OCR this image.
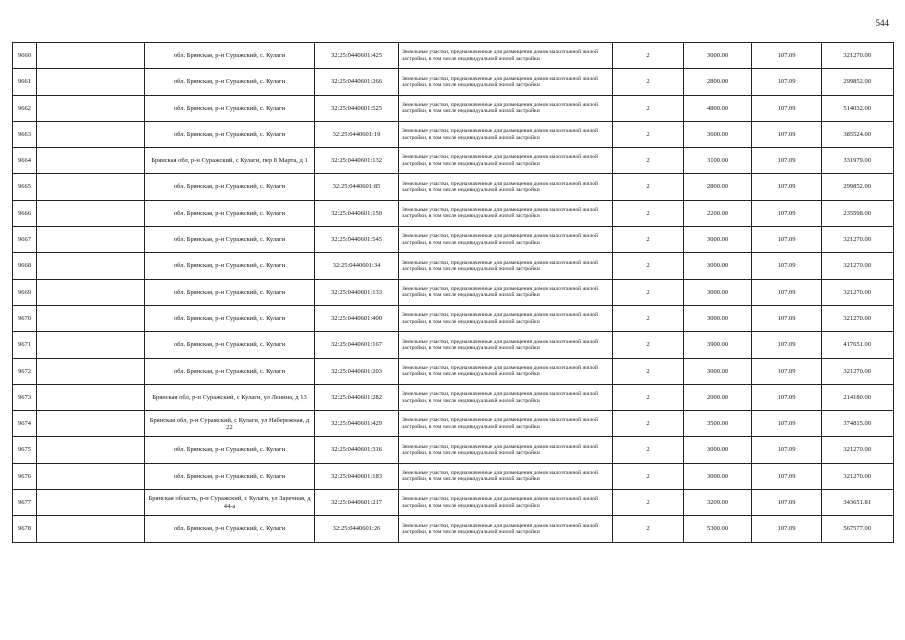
544
9660		обл. Брянская, р-н Суражский, с. Кулаги	32:25:0440601:425	Земельные участки, предназначенные для размещения домов малоэтажной жилой застройки, в том числе индивидуальной жилой застройки	2	3000.00	107.09	321270.00
9661		обл. Брянская, р-н Суражский, с. Кулаги	32:25:0440601:266	Земельные участки, предназначенные для размещения домов малоэтажной жилой застройки, в том числе индивидуальной жилой застройки	2	2800.00	107.09	299852.00
9662		обл. Брянская, р-н Суражский, с. Кулаги	32:25:0440601:525	Земельные участки, предназначенные для размещения домов малоэтажной жилой застройки, в том числе индивидуальной жилой застройки	2	4800.00	107.09	514032.00
9663		обл. Брянская, р-н Суражский, с. Кулаги	32:25:0440601:19	Земельные участки, предназначенные для размещения домов малоэтажной жилой застройки, в том числе индивидуальной жилой застройки	2	3600.00	107.09	385524.00
9664		Брянская обл, р-н Суражский, с Кулаги, пер 8 Марта, д 1	32:25:0440601:132	Земельные участки, предназначенные для размещения домов малоэтажной жилой застройки, в том числе индивидуальной жилой застройки	2	3100.00	107.09	331979.00
9665		обл. Брянская, р-н Суражский, с. Кулаги	32:25:0440601:85	Земельные участки, предназначенные для размещения домов малоэтажной жилой застройки, в том числе индивидуальной жилой застройки	2	2800.00	107.09	299852.00
9666		обл. Брянская, р-н Суражский, с. Кулаги	32:25:0440601:150	Земельные участки, предназначенные для размещения домов малоэтажной жилой застройки, в том числе индивидуальной жилой застройки	2	2200.00	107.09	235598.00
9667		обл. Брянская, р-н Суражский, с. Кулаги	32:25:0440601:545	Земельные участки, предназначенные для размещения домов малоэтажной жилой застройки, в том числе индивидуальной жилой застройки	2	3000.00	107.09	321270.00
9668		обл. Брянская, р-н Суражский, с. Кулаги	32:25:0440601:34	Земельные участки, предназначенные для размещения домов малоэтажной жилой застройки, в том числе индивидуальной жилой застройки	2	3000.00	107.09	321270.00
9669		обл. Брянская, р-н Суражский, с. Кулаги	32:25:0440601:133	Земельные участки, предназначенные для размещения домов малоэтажной жилой застройки, в том числе индивидуальной жилой застройки	2	3000.00	107.09	321270.00
9670		обл. Брянская, р-н Суражский, с. Кулаги	32:25:0440601:400	Земельные участки, предназначенные для размещения домов малоэтажной жилой застройки, в том числе индивидуальной жилой застройки	2	3000.00	107.09	321270.00
9671		обл. Брянская, р-н Суражский, с. Кулаги	32:25:0440601:167	Земельные участки, предназначенные для размещения домов малоэтажной жилой застройки, в том числе индивидуальной жилой застройки	2	3900.00	107.09	417651.00
9672		обл. Брянская, р-н Суражский, с. Кулаги	32:25:0440601:203	Земельные участки, предназначенные для размещения домов малоэтажной жилой застройки, в том числе индивидуальной жилой застройки	2	3000.00	107.09	321270.00
9673		Брянская обл, р-н Суражский, с Кулаги, ул Ленина, д 13	32:25:0440601:282	Земельные участки, предназначенные для размещения домов малоэтажной жилой застройки, в том числе индивидуальной жилой застройки	2	2000.00	107.09	214180.00
9674		Брянская обл, р-н Суражский, с Кулаги, ул Набережная, д 22	32:25:0440601:429	Земельные участки, предназначенные для размещения домов малоэтажной жилой застройки, в том числе индивидуальной жилой застройки	2	3500.00	107.09	374815.00
9675		обл. Брянская, р-н Суражский, с. Кулаги	32:25:0440601:316	Земельные участки, предназначенные для размещения домов малоэтажной жилой застройки, в том числе индивидуальной жилой застройки	2	3000.00	107.09	321270.00
9676		обл. Брянская, р-н Суражский, с. Кулаги	32:25:0440601:183	Земельные участки, предназначенные для размещения домов малоэтажной жилой застройки, в том числе индивидуальной жилой застройки	2	3000.00	107.09	321270.00
9677		Брянская область, р-н Суражский, с Кулаги, ул Заречная, д 44-а	32:25:0440601:217	Земельные участки, предназначенные для размещения домов малоэтажной жилой застройки, в том числе индивидуальной жилой застройки	2	3209.00	107.09	343651.81
9678		обл. Брянская, р-н Суражский, с. Кулаги	32:25:0440601:26	Земельные участки, предназначенные для размещения домов малоэтажной жилой застройки, в том числе индивидуальной жилой застройки	2	5300.00	107.09	567577.00
